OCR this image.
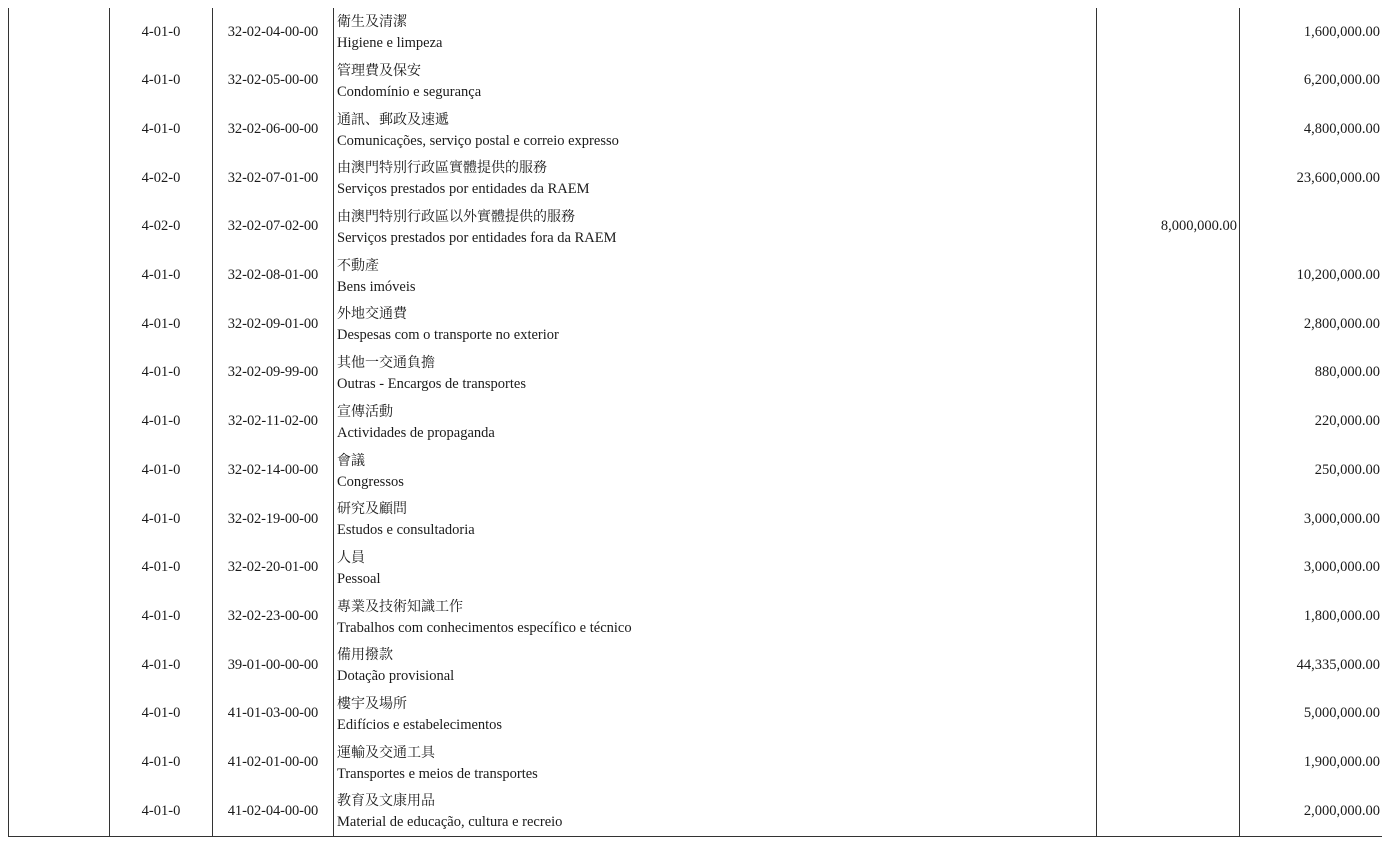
	4-01-0	32-02-04-00-00	衛生及清潔
Higiene e limpeza		1,600,000.00
	4-01-0	32-02-05-00-00	管理費及保安
Condomínio e segurança		6,200,000.00
	4-01-0	32-02-06-00-00	通訊、郵政及速遞
Comunicações, serviço postal e correio expresso		4,800,000.00
	4-02-0	32-02-07-01-00	由澳門特別行政區實體提供的服務
Serviços prestados por entidades da RAEM		23,600,000.00
	4-02-0	32-02-07-02-00	由澳門特別行政區以外實體提供的服務
Serviços prestados por entidades fora da RAEM	8,000,000.00	
	4-01-0	32-02-08-01-00	不動產
Bens imóveis		10,200,000.00
	4-01-0	32-02-09-01-00	外地交通費
Despesas com o transporte no exterior		2,800,000.00
	4-01-0	32-02-09-99-00	其他一交通負擔
Outras - Encargos de transportes		880,000.00
	4-01-0	32-02-11-02-00	宣傳活動
Actividades de propaganda		220,000.00
	4-01-0	32-02-14-00-00	會議
Congressos		250,000.00
	4-01-0	32-02-19-00-00	研究及顧問
Estudos e consultadoria		3,000,000.00
	4-01-0	32-02-20-01-00	人員
Pessoal		3,000,000.00
	4-01-0	32-02-23-00-00	專業及技術知識工作
Trabalhos com conhecimentos específico e técnico		1,800,000.00
	4-01-0	39-01-00-00-00	備用撥款
Dotação provisional		44,335,000.00
	4-01-0	41-01-03-00-00	樓宇及場所
Edifícios e estabelecimentos		5,000,000.00
	4-01-0	41-02-01-00-00	運輸及交通工具
Transportes e meios de transportes		1,900,000.00
	4-01-0	41-02-04-00-00	教育及文康用品
Material de educação, cultura e recreio		2,000,000.00
